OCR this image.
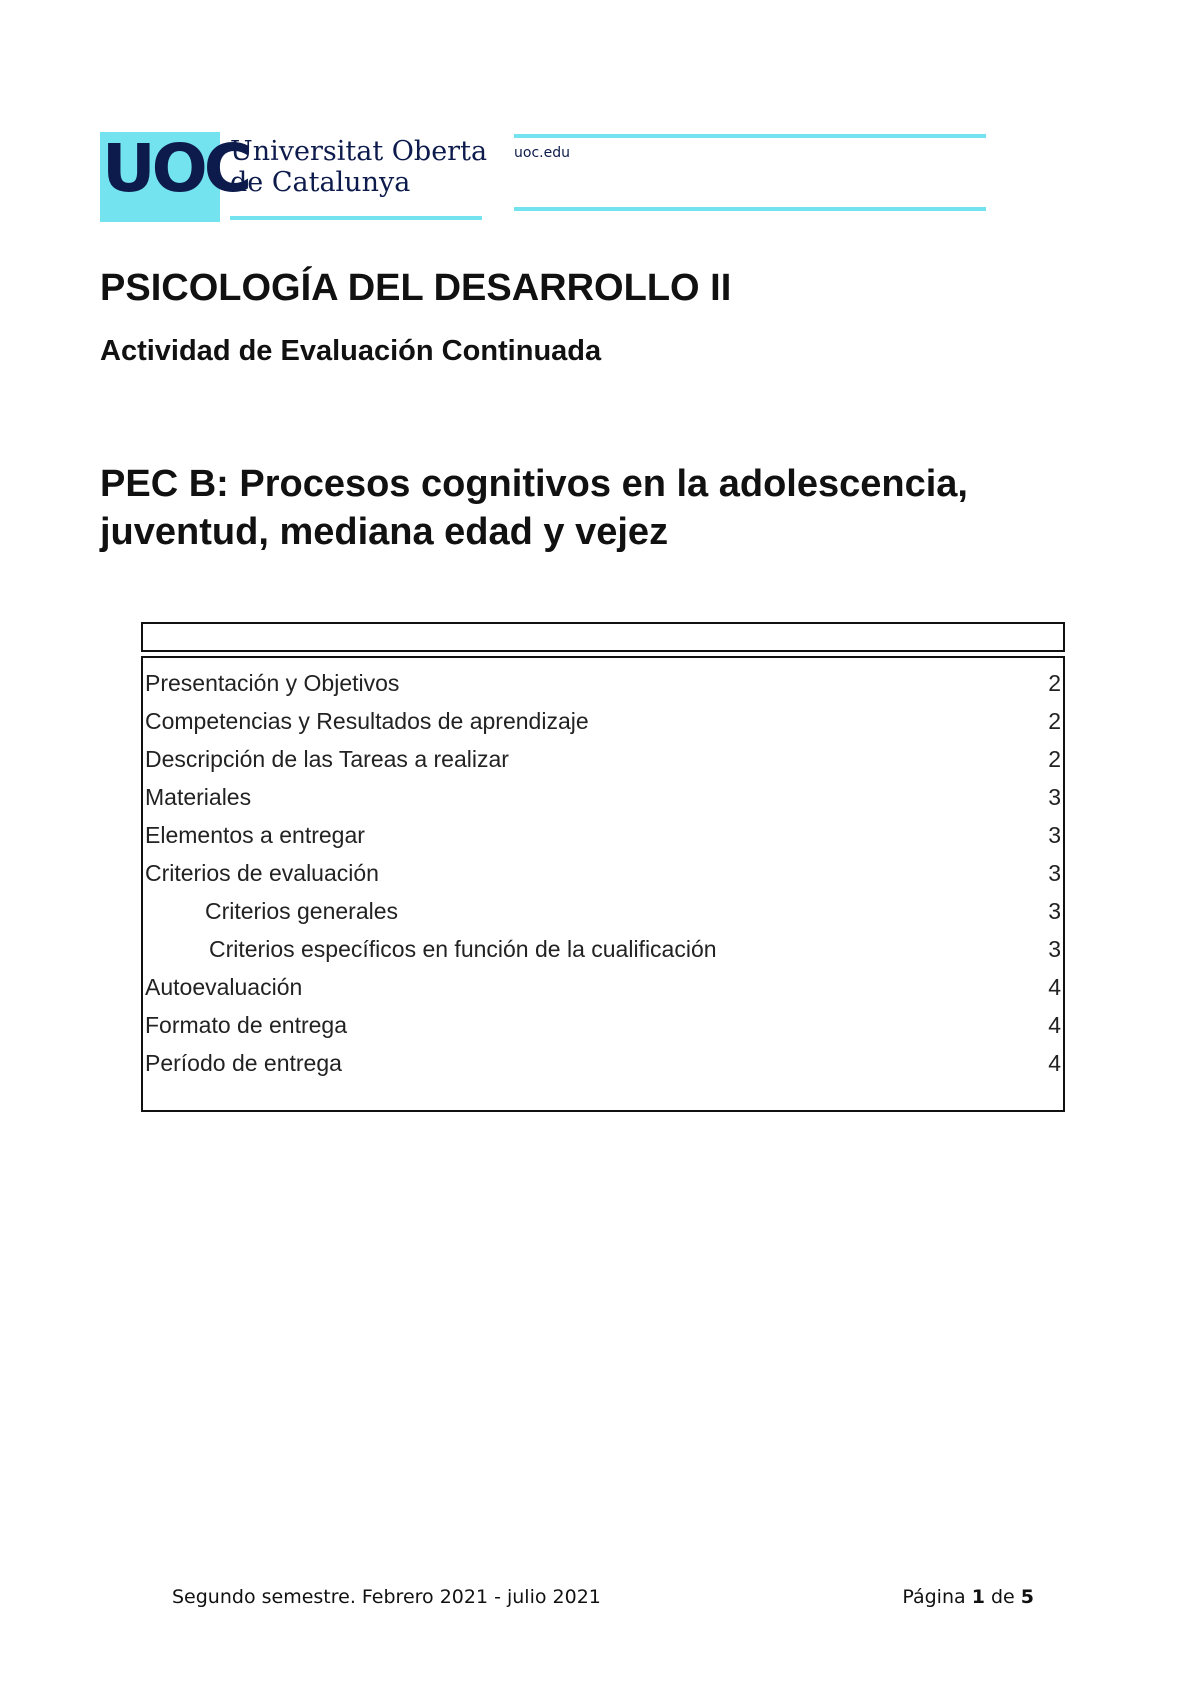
UOC
Universitat Oberta
de Catalunya
uoc.edu
PSICOLOGÍA DEL DESARROLLO II
Actividad de Evaluación Continuada
PEC B: Procesos cognitivos en la adolescencia,
juventud, mediana edad y vejez
Presentación y Objetivos	2
Competencias y Resultados de aprendizaje	2
Descripción de las Tareas a realizar	2
Materiales	3
Elementos a entregar	3
Criterios de evaluación	3
Criterios generales	3
Criterios específicos en función de la cualificación	3
Autoevaluación	4
Formato de entrega	4
Período de entrega	4
Segundo semestre. Febrero 2021 - julio 2021	Página 1 de 5
